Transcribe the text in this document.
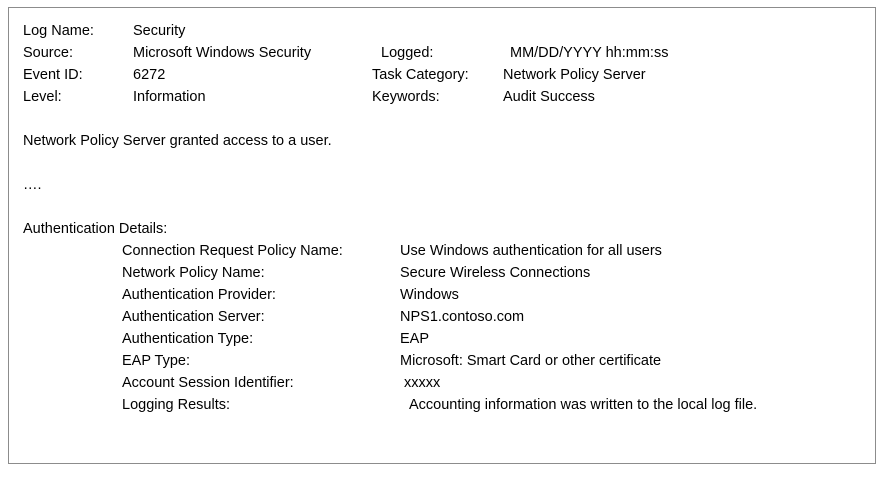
Log Name:	Security
Source:	Microsoft Windows Security	Logged:	MM/DD/YYYY hh:mm:ss
Event ID:	6272	Task Category: Network Policy Server
Level:	Information	Keywords:	Audit Success
Network Policy Server granted access to a user.
….
Authentication Details:
Connection Request Policy Name:	Use Windows authentication for all users
Network Policy Name:	Secure Wireless Connections
Authentication Provider:	Windows
Authentication Server:	NPS1.contoso.com
Authentication Type:	EAP
EAP Type:	Microsoft: Smart Card or other certificate
Account Session Identifier:	xxxxx
Logging Results:	Accounting information was written to the local log file.
